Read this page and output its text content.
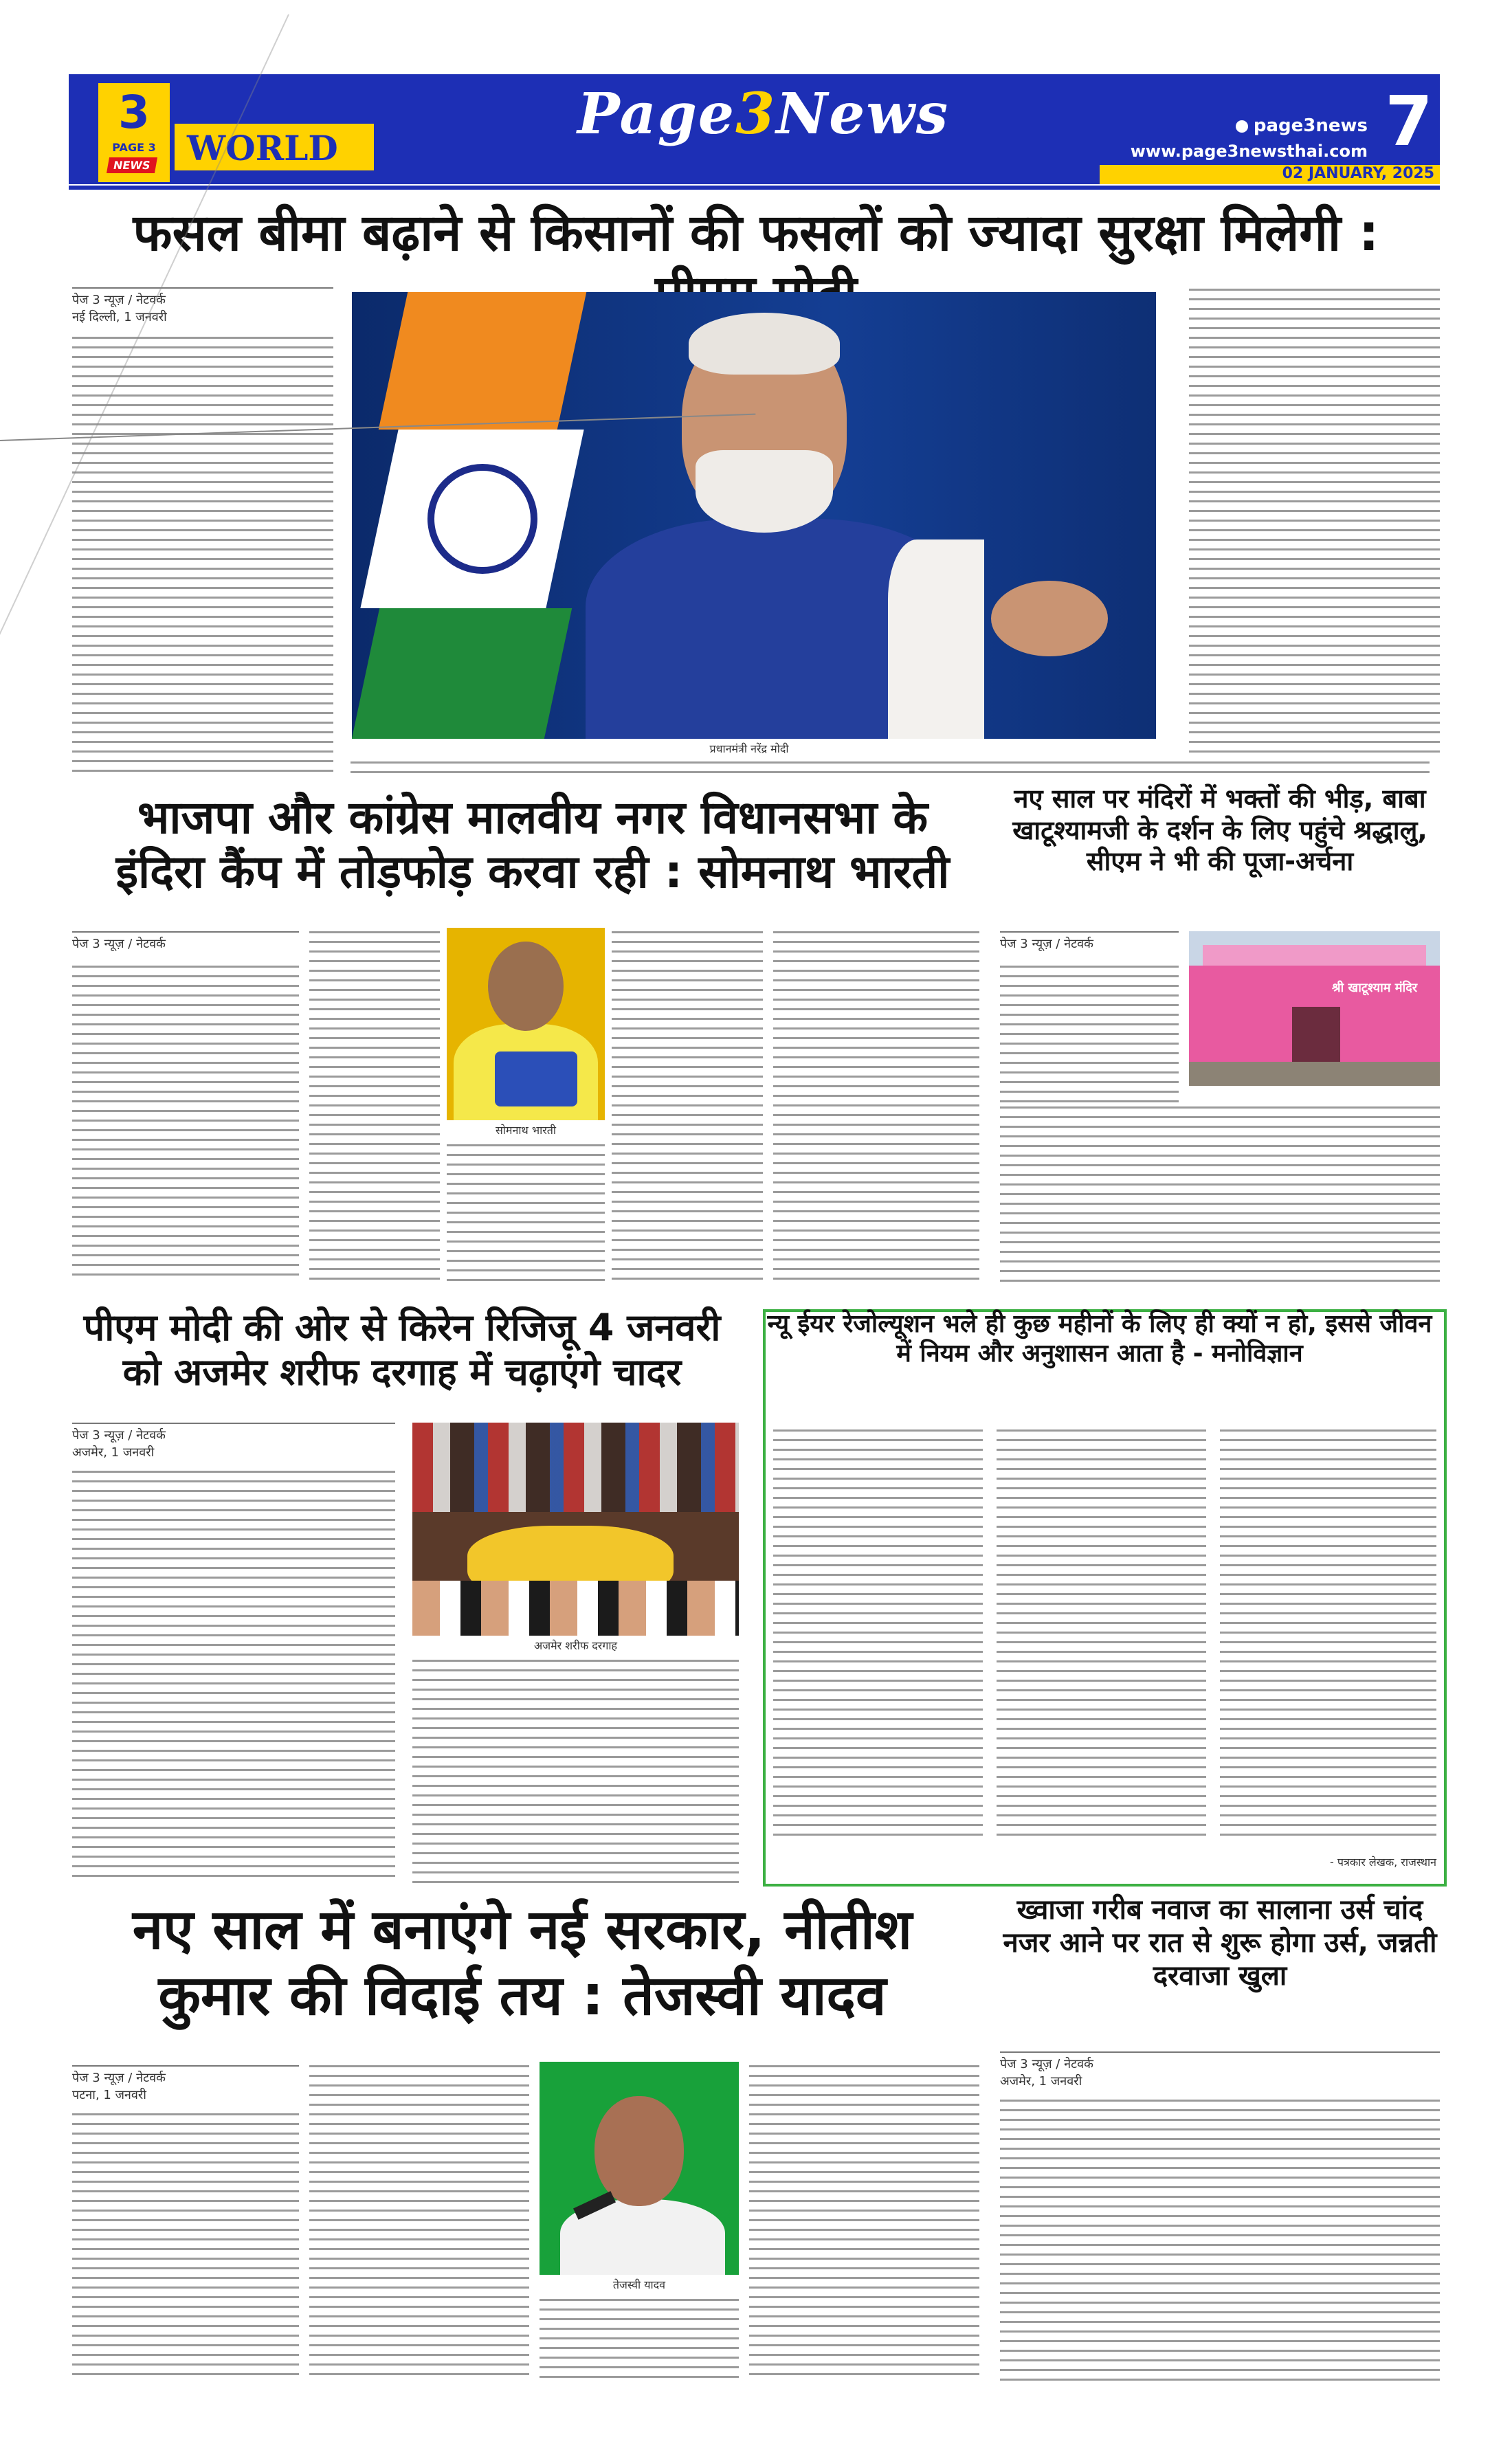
3
PAGE 3
NEWS WORLD
Page3News	page3news
www.page3newsthai.com 7
02 JANUARY, 2025
फसल बीमा बढ़ाने से किसानों की फसलों को ज्यादा सुरक्षा मिलेगी :
पेज 3 न्यूज़ / नेटवर्क
नई दिल्ली, 1 जनवरी
प्रधानमंत्री नरेंद्र मोदी
भाजपा और कांग्रेस मालवीय नगर विधानसभा के इंदिरा कैंप में तोड़फोड़ करवा रही : सोमनाथ भारती
पेज 3 न्यूज़ / नेटवर्क
सोमनाथ भारती
नए साल पर मंदिरों में भक्तों की भीड़, बाबा खाटूश्यामजी के दर्शन के लिए पहुंचे श्रद्धालु, सीएम ने भी की पूजा-अर्चना
पेज 3 न्यूज़ / नेटवर्क
श्री खाटूश्याम मंदिर
पीएम मोदी की ओर से किरेन रिजिजू 4 जनवरी को अजमेर शरीफ दरगाह में चढ़ाएंगे चादर
पेज 3 न्यूज़ / नेटवर्क
अजमेर, 1 जनवरी
अजमेर शरीफ दरगाह
न्यू ईयर रेजोल्यूशन भले ही कुछ महीनों के लिए ही क्यों न हो, इससे जीवन में नियम और अनुशासन आता है - मनोविज्ञान
- पत्रकार लेखक, राजस्थान
नए साल में बनाएंगे नई सरकार, नीतीश कुमार की विदाई तय : तेजस्वी यादव
पेज 3 न्यूज़ / नेटवर्क
पटना, 1 जनवरी
तेजस्वी यादव
ख्वाजा गरीब नवाज का सालाना उर्स चांद नजर आने पर रात से शुरू होगा उर्स, जन्नती दरवाजा खुला
पेज 3 न्यूज़ / नेटवर्क
अजमेर, 1 जनवरी
